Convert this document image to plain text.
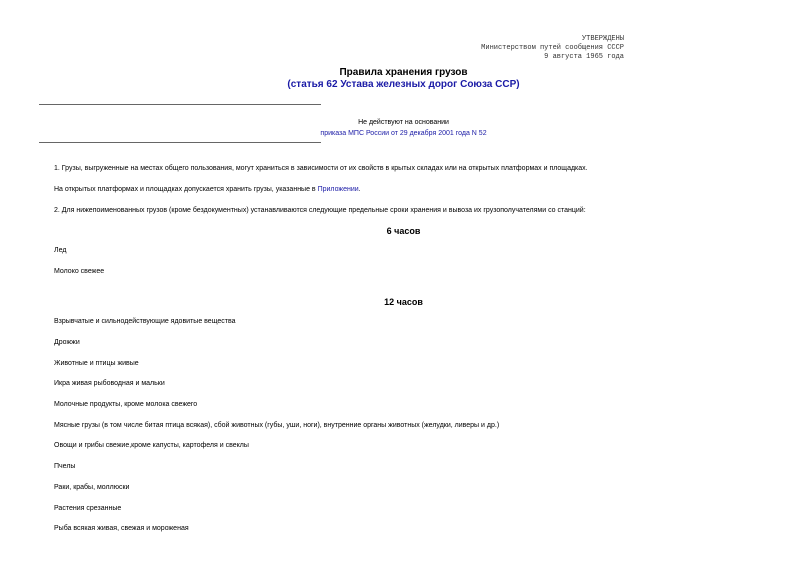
УТВЕРЖДЕНЫ
Министерством путей сообщения СССР
9 августа 1965 года
Правила хранения грузов
(статья 62 Устава железных дорог Союза ССР)
Не действуют на основании
приказа МПС России от 29 декабря 2001 года N 52
1. Грузы, выгруженные на местах общего пользования, могут храниться в зависимости от их свойств в крытых складах или на открытых платформах и площадках.
На открытых платформах и площадках допускается хранить грузы, указанные в Приложении.
2. Для нижепоименованных грузов (кроме бездокументных) устанавливаются следующие предельные сроки хранения и вывоза их грузополучателями со станций:
6 часов
Лед
Молоко свежее
12 часов
Взрывчатые и сильнодействующие ядовитые вещества
Дрожжи
Животные и птицы живые
Икра живая рыбоводная и мальки
Молочные продукты, кроме молока свежего
Мясные грузы (в том числе битая птица всякая), сбой животных (губы, уши, ноги), внутренние органы животных (желудки, ливеры и др.)
Овощи и грибы свежие,кроме капусты, картофеля и свеклы
Пчелы
Раки, крабы, моллюски
Растения срезанные
Рыба всякая живая, свежая и мороженая
